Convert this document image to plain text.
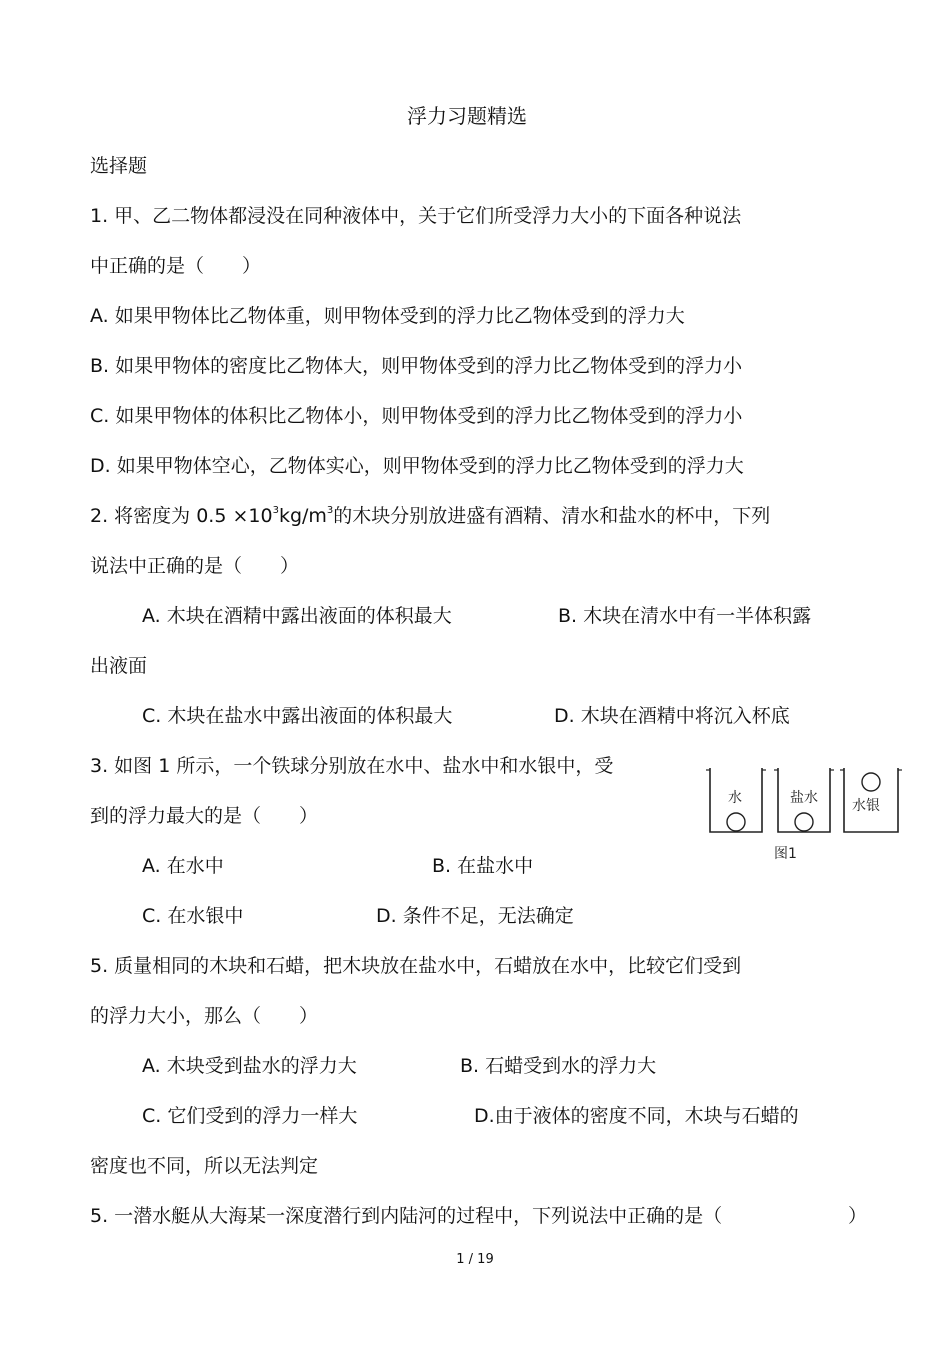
浮力习题精选
选择题
1. 甲、乙二物体都浸没在同种液体中，关于它们所受浮力大小的下面各种说法
中正确的是（　　）
A. 如果甲物体比乙物体重，则甲物体受到的浮力比乙物体受到的浮力大
B. 如果甲物体的密度比乙物体大，则甲物体受到的浮力比乙物体受到的浮力小
C. 如果甲物体的体积比乙物体小，则甲物体受到的浮力比乙物体受到的浮力小
D. 如果甲物体空心，乙物体实心，则甲物体受到的浮力比乙物体受到的浮力大
2. 将密度为 $0.5 \times 10^3kg/m^3$的木块分别放进盛有酒精、清水和盐水的杯中，下列
说法中正确的是（　　）
A. 木块在酒精中露出液面的体积最大	B. 木块在清水中有一半体积露
出液面
C. 木块在盐水中露出液面的体积最大	D. 木块在酒精中将沉入杯底
3. 如图 1 所示，一个铁球分别放在水中、盐水中和水银中，受
到的浮力最大的是（　　）
A. 在水中	B. 在盐水中
C. 在水银中	D. 条件不足，无法确定
水	盐水 水银
图1
5. 质量相同的木块和石蜡，把木块放在盐水中，石蜡放在水中，比较它们受到
的浮力大小，那么（　　）
A. 木块受到盐水的浮力大	B. 石蜡受到水的浮力大
C. 它们受到的浮力一样大	D.由于液体的密度不同，木块与石蜡的
密度也不同，所以无法判定
5. 一潜水艇从大海某一深度潜行到内陆河的过程中，下列说法中正确的是（	）
1 / 19
